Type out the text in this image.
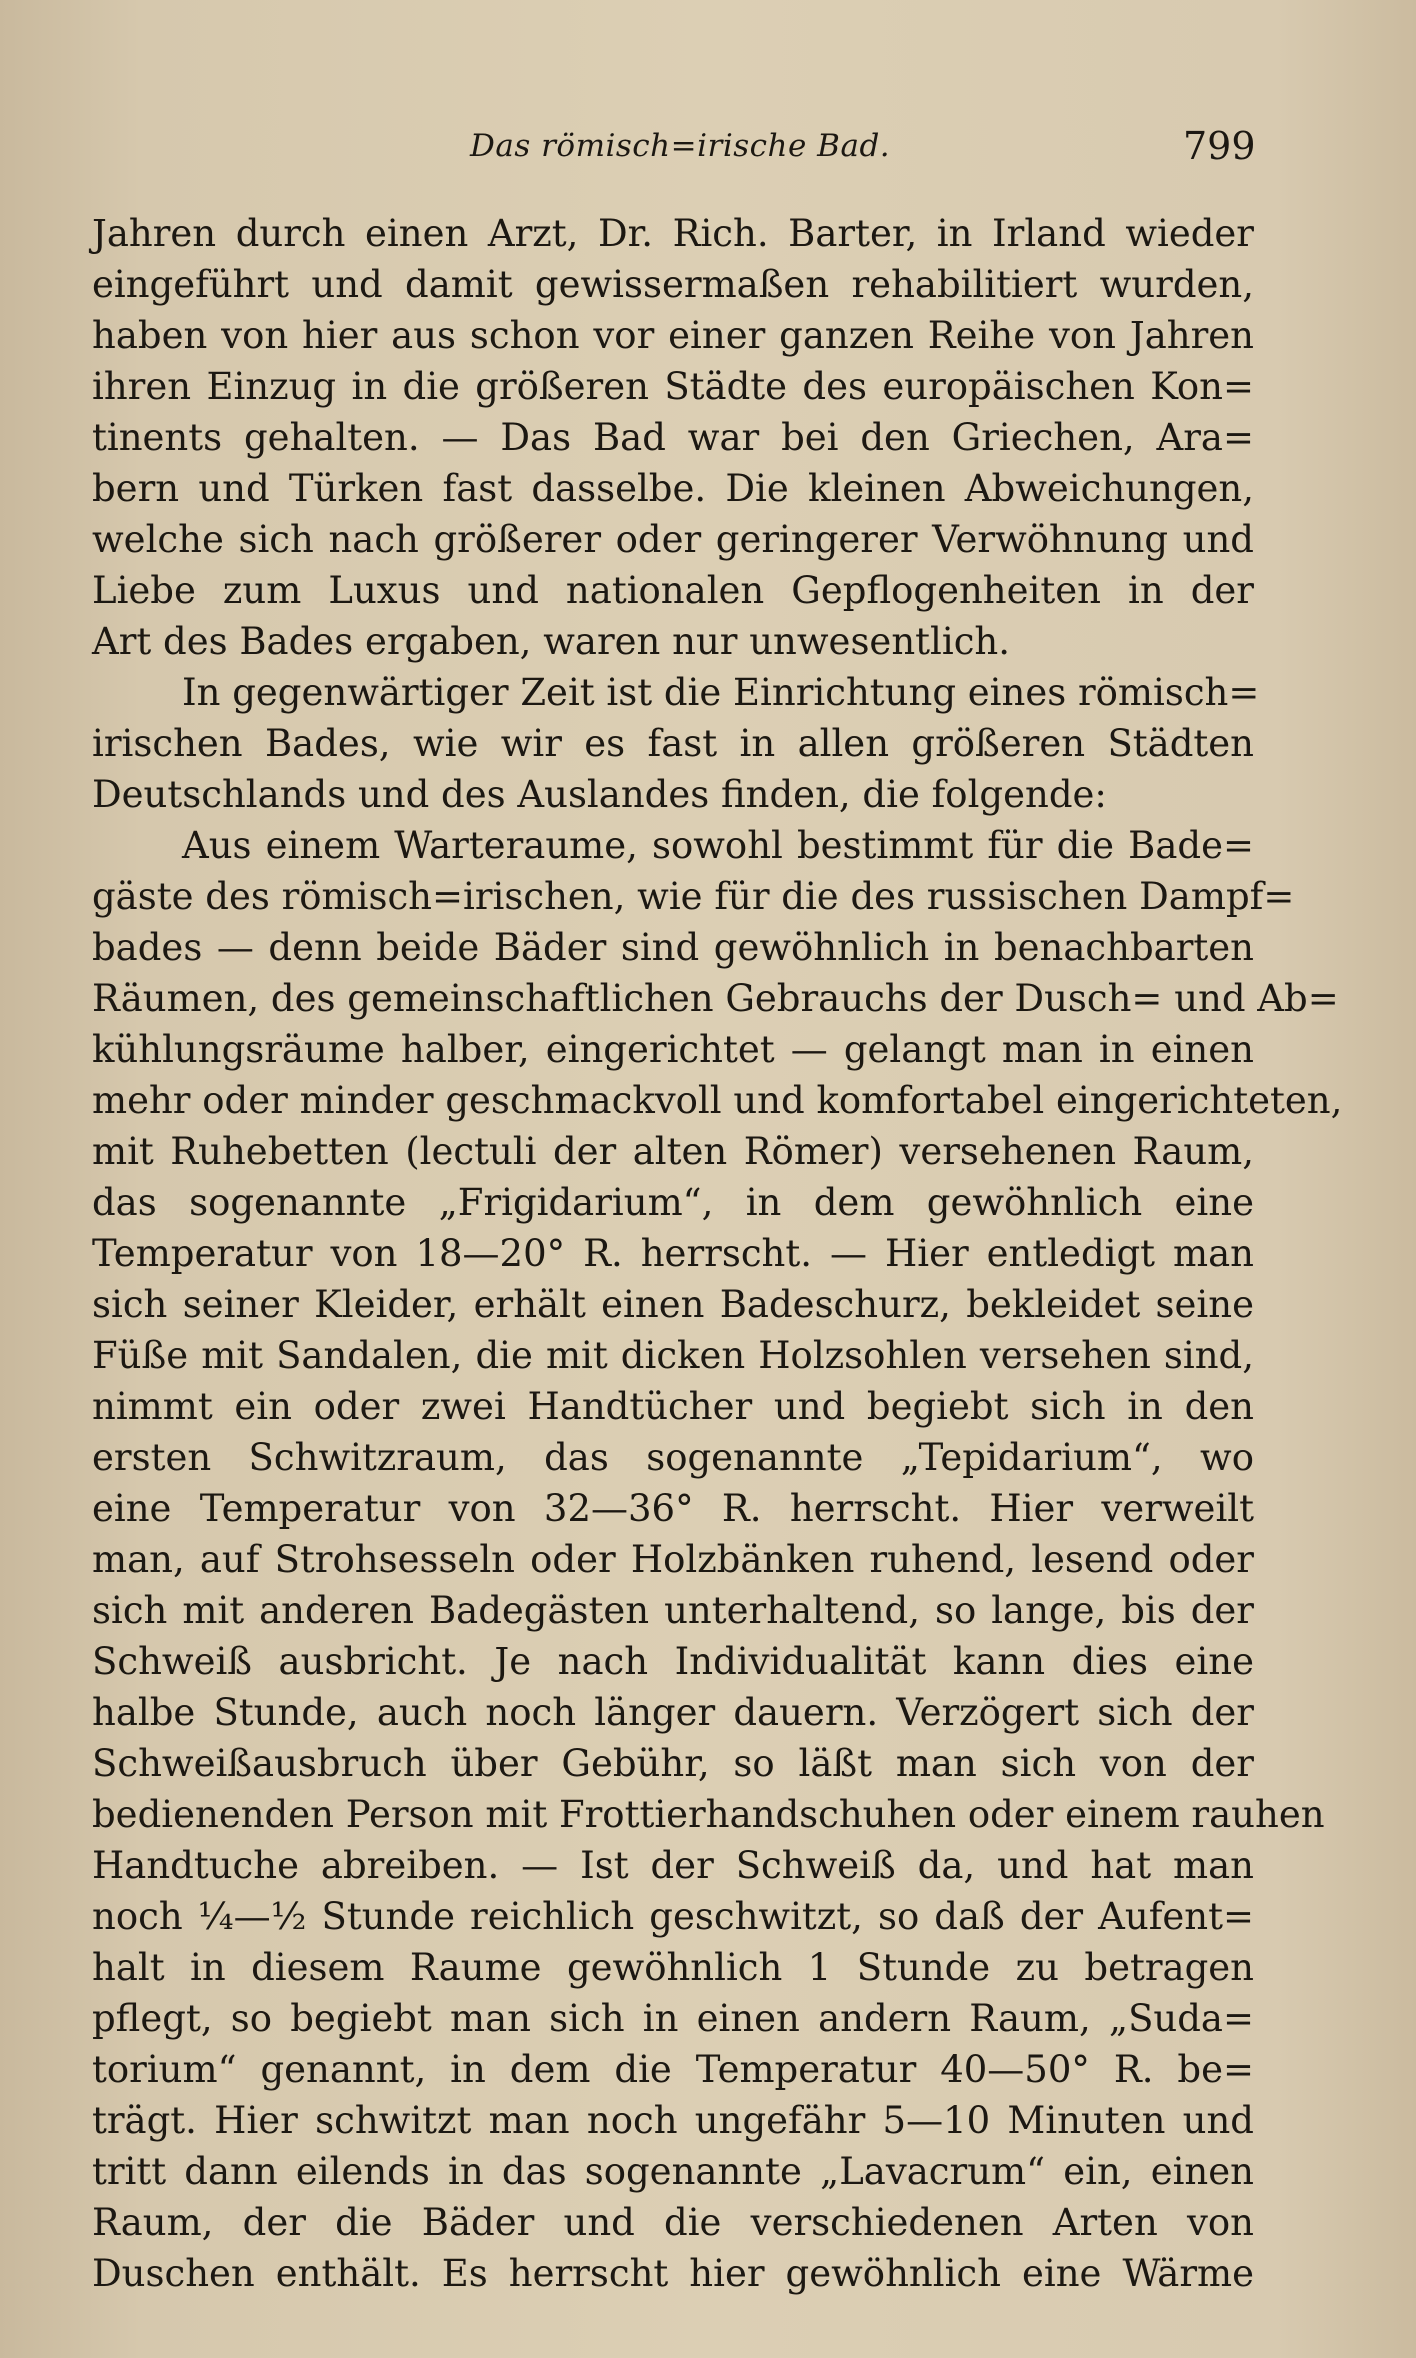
Das römisch=irische Bad.	799
Jahren durch einen Arzt, Dr. Rich. Barter, in Irland wieder
eingeführt und damit gewissermaßen rehabilitiert wurden,
haben von hier aus schon vor einer ganzen Reihe von Jahren
ihren Einzug in die größeren Städte des europäischen Kon=
tinents gehalten. — Das Bad war bei den Griechen, Ara=
bern und Türken fast dasselbe. Die kleinen Abweichungen,
welche sich nach größerer oder geringerer Verwöhnung und
Liebe zum Luxus und nationalen Gepflogenheiten in der
Art des Bades ergaben, waren nur unwesentlich.
In gegenwärtiger Zeit ist die Einrichtung eines römisch=
irischen Bades, wie wir es fast in allen größeren Städten
Deutschlands und des Auslandes finden, die folgende:
Aus einem Warteraume, sowohl bestimmt für die Bade=
gäste des römisch=irischen, wie für die des russischen Dampf=
bades — denn beide Bäder sind gewöhnlich in benachbarten
Räumen, des gemeinschaftlichen Gebrauchs der Dusch= und Ab=
kühlungsräume halber, eingerichtet — gelangt man in einen
mehr oder minder geschmackvoll und komfortabel eingerichteten,
mit Ruhebetten (lectuli der alten Römer) versehenen Raum,
das sogenannte „Frigidarium“, in dem gewöhnlich eine
Temperatur von 18—20° R. herrscht. — Hier entledigt man
sich seiner Kleider, erhält einen Badeschurz, bekleidet seine
Füße mit Sandalen, die mit dicken Holzsohlen versehen sind,
nimmt ein oder zwei Handtücher und begiebt sich in den
ersten Schwitzraum, das sogenannte „Tepidarium“, wo
eine Temperatur von 32—36° R. herrscht. Hier verweilt
man, auf Strohsesseln oder Holzbänken ruhend, lesend oder
sich mit anderen Badegästen unterhaltend, so lange, bis der
Schweiß ausbricht. Je nach Individualität kann dies eine
halbe Stunde, auch noch länger dauern. Verzögert sich der
Schweißausbruch über Gebühr, so läßt man sich von der
bedienenden Person mit Frottierhandschuhen oder einem rauhen
Handtuche abreiben. — Ist der Schweiß da, und hat man
noch ¼—½ Stunde reichlich geschwitzt, so daß der Aufent=
halt in diesem Raume gewöhnlich 1 Stunde zu betragen
pflegt, so begiebt man sich in einen andern Raum, „Suda=
torium“ genannt, in dem die Temperatur 40—50° R. be=
trägt. Hier schwitzt man noch ungefähr 5—10 Minuten und
tritt dann eilends in das sogenannte „Lavacrum“ ein, einen
Raum, der die Bäder und die verschiedenen Arten von
Duschen enthält. Es herrscht hier gewöhnlich eine Wärme
